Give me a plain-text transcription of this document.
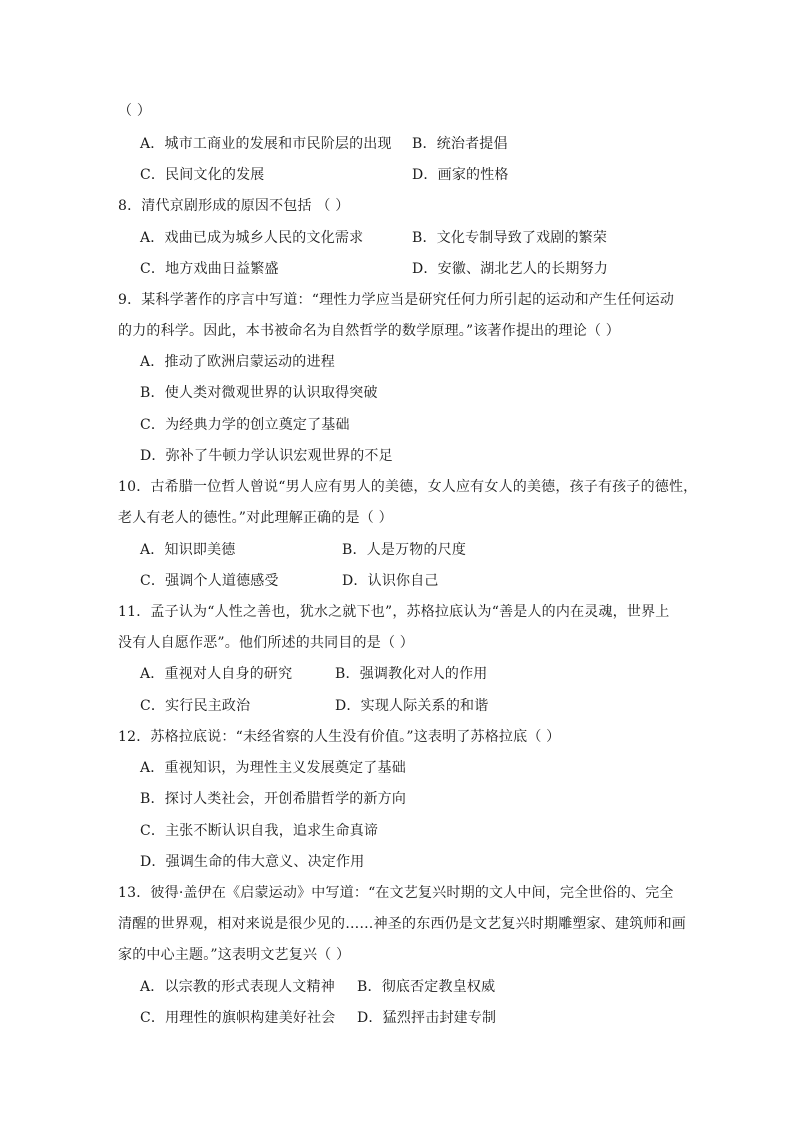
（ ）
A．城市工商业的发展和市民阶层的出现 B．统治者提倡
C．民间文化的发展	D．画家的性格
8．清代京剧形成的原因不包括 （ ）
A．戏曲已成为城乡人民的文化需求	B．文化专制导致了戏剧的繁荣
C．地方戏曲日益繁盛	D．安徽、湖北艺人的长期努力
9．某科学著作的序言中写道：“理性力学应当是研究任何力所引起的运动和产生任何运动
的力的科学。因此，本书被命名为自然哲学的数学原理。”该著作提出的理论（ ）
A．推动了欧洲启蒙运动的进程
B．使人类对微观世界的认识取得突破
C．为经典力学的创立奠定了基础
D．弥补了牛顿力学认识宏观世界的不足
10．古希腊一位哲人曾说“男人应有男人的美德，女人应有女人的美德，孩子有孩子的德性，
老人有老人的德性。”对此理解正确的是（ ）
A．知识即美德	B．人是万物的尺度
C．强调个人道德感受	D．认识你自己
11．孟子认为“人性之善也，犹水之就下也”，苏格拉底认为“善是人的内在灵魂，世界上
没有人自愿作恶”。他们所述的共同目的是（ ）
A．重视对人自身的研究	B．强调教化对人的作用
C．实行民主政治	D．实现人际关系的和谐
12．苏格拉底说：“未经省察的人生没有价值。”这表明了苏格拉底（ ）
A．重视知识，为理性主义发展奠定了基础
B．探讨人类社会，开创希腊哲学的新方向
C．主张不断认识自我，追求生命真谛
D．强调生命的伟大意义、决定作用
13．彼得·盖伊在《启蒙运动》中写道：“在文艺复兴时期的文人中间，完全世俗的、完全
清醒的世界观，相对来说是很少见的……神圣的东西仍是文艺复兴时期雕塑家、建筑师和画
家的中心主题。”这表明文艺复兴（ ）
A．以宗教的形式表现人文精神 B．彻底否定教皇权威
C．用理性的旗帜构建美好社会 D．猛烈抨击封建专制
